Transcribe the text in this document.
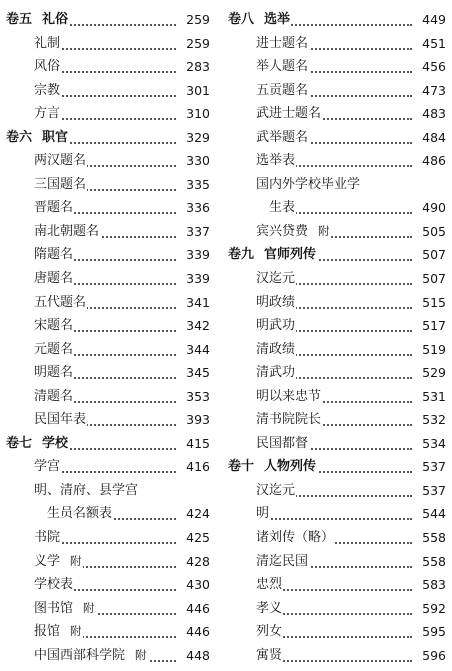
卷五 礼俗	259
礼制	259
风俗	283
宗教	301
方言	310
卷六 职官	329
两汉题名	330
三国题名	335
晋题名	336
南北朝题名	337
隋题名	339
唐题名	339
五代题名	341
宋题名	342
元题名	344
明题名	345
清题名	353
民国年表	393
卷七 学校	415
学宫	416
明、清府、县学宫
生员名额表	424
书院	425
义学 附	428
学校表	430
图书馆 附	446
报馆 附	446
中国西部科学院 附	448
卷八 选举	449
进士题名	451
举人题名	456
五贡题名	473
武进士题名	483
武举题名	484
选举表	486
国内外学校毕业学
生表	490
宾兴贷费 附	505
卷九 官师列传	507
汉迄元	507
明政绩	515
明武功	517
清政绩	519
清武功	529
明以来忠节	531
清书院院长	532
民国都督	534
卷十 人物列传	537
汉迄元	537
明	544
诸刘传（略）	558
清迄民国	558
忠烈	583
孝义	592
列女	595
寓贤	596
